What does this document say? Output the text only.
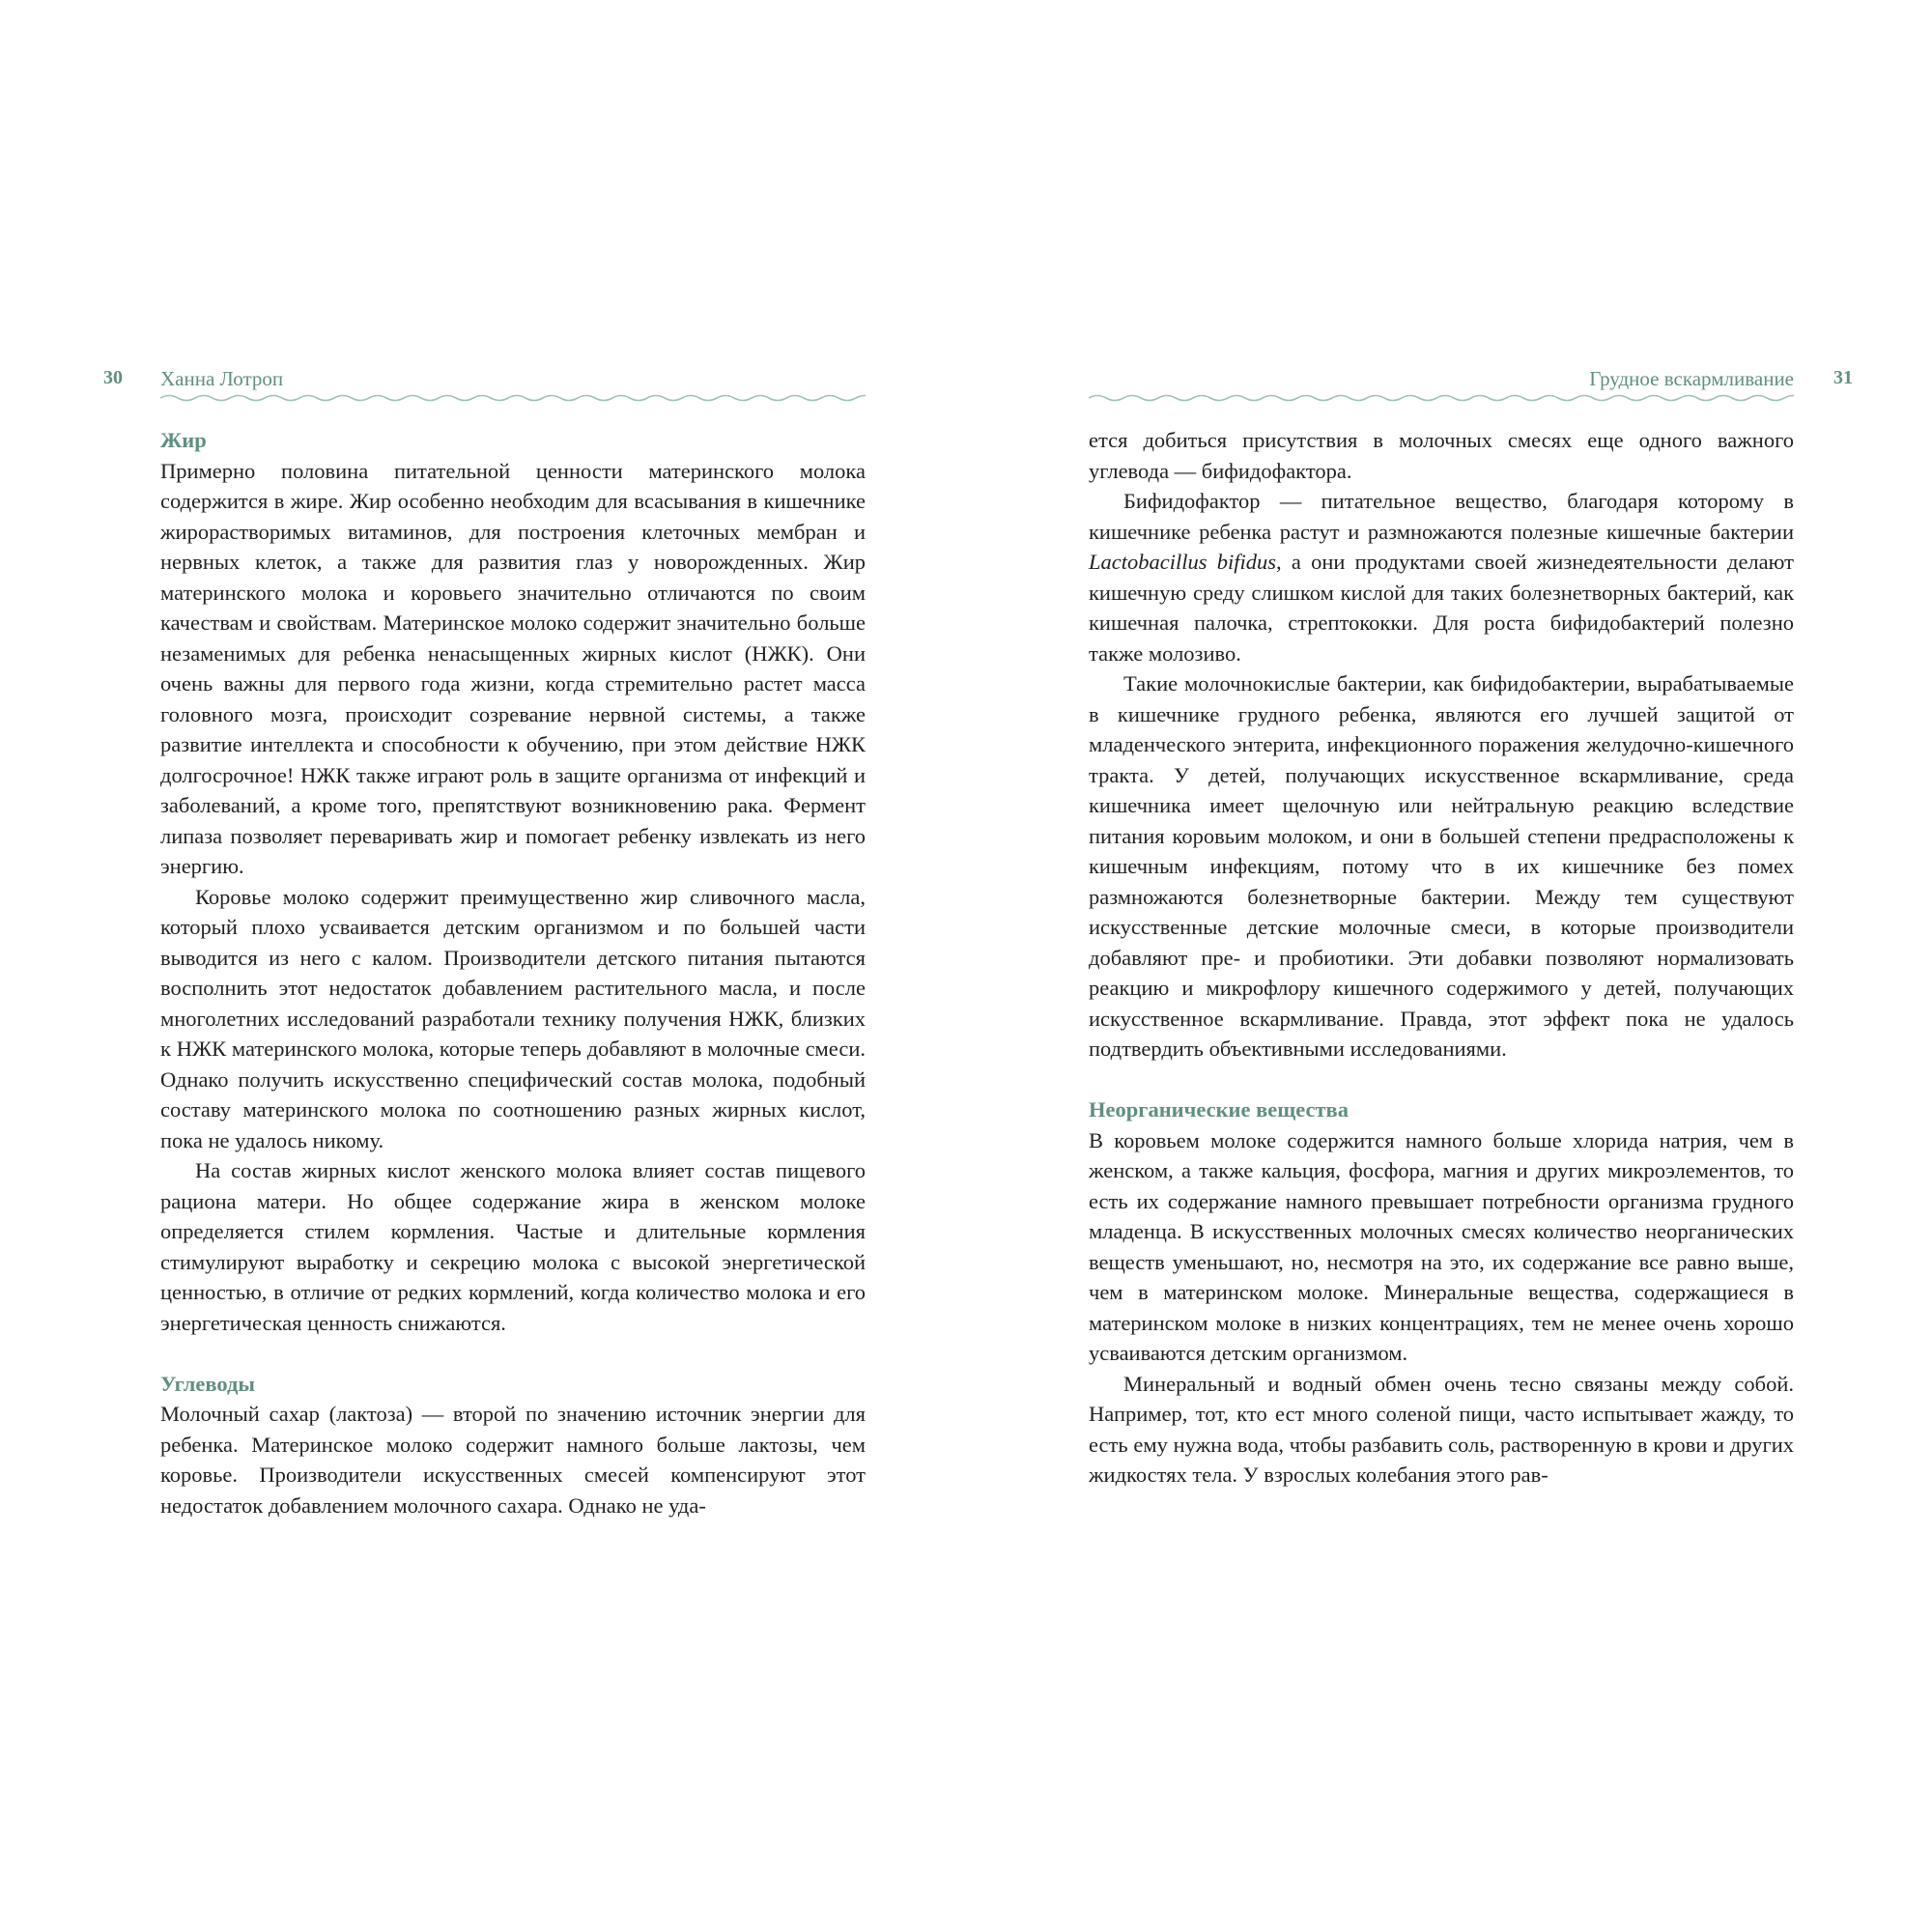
30 Ханна Лотроп
Жир

Примерно половина питательной ценности материнского молока содержится в жире. Жир особенно необходим для всасывания в кишечнике жирорастворимых витаминов, для построения клеточных мембран и нервных клеток, а также для развития глаз у новорожденных. Жир материнского молока и коровьего значительно отличаются по своим качествам и свойствам. Материнское молоко содержит значительно больше незаменимых для ребенка ненасыщенных жирных кислот (НЖК). Они очень важны для первого года жизни, когда стремительно растет масса головного мозга, происходит созревание нервной системы, а также развитие интеллекта и способности к обучению, при этом действие НЖК долгосрочное! НЖК также играют роль в защите организма от инфекций и заболеваний, а кроме того, препятствуют возникновению рака. Фермент липаза позволяет переваривать жир и помогает ребенку извлекать из него энергию.

Коровье молоко содержит преимущественно жир сливочного масла, который плохо усваивается детским организмом и по большей части выводится из него с калом. Производители детского питания пытаются восполнить этот недостаток добавлением растительного масла, и после многолетних исследований разработали технику получения НЖК, близких к НЖК материнского молока, которые теперь добавляют в молочные смеси. Однако получить искусственно специфический состав молока, подобный составу материнского молока по соотношению разных жирных кислот, пока не удалось никому.

На состав жирных кислот женского молока влияет состав пищевого рациона матери. Но общее содержание жира в женском молоке определяется стилем кормления. Частые и длительные кормления стимулируют выработку и секрецию молока с высокой энергетической ценностью, в отличие от редких кормлений, когда количество молока и его энергетическая ценность снижаются.

Углеводы

Молочный сахар (лактоза) — второй по значению источник энергии для ребенка. Материнское молоко содержит намного больше лактозы, чем коровье. Производители искусственных смесей компенсируют этот недостаток добавлением молочного сахара. Однако не уда-

Грудное вскармливание 31

ется добиться присутствия в молочных смесях еще одного важного углевода — бифидофактора.

Бифидофактор — питательное вещество, благодаря которому в кишечнике ребенка растут и размножаются полезные кишечные бактерии Lactobacillus bifidus, а они продуктами своей жизнедеятельности делают кишечную среду слишком кислой для таких болезнетворных бактерий, как кишечная палочка, стрептококки. Для роста бифидобактерий полезно также молозиво.

Такие молочнокислые бактерии, как бифидобактерии, вырабатываемые в кишечнике грудного ребенка, являются его лучшей защитой от младенческого энтерита, инфекционного поражения желудочно-кишечного тракта. У детей, получающих искусственное вскармливание, среда кишечника имеет щелочную или нейтральную реакцию вследствие питания коровьим молоком, и они в большей степени предрасположены к кишечным инфекциям, потому что в их кишечнике без помех размножаются болезнетворные бактерии. Между тем существуют искусственные детские молочные смеси, в которые производители добавляют пре- и пробиотики. Эти добавки позволяют нормализовать реакцию и микрофлору кишечного содержимого у детей, получающих искусственное вскармливание. Правда, этот эффект пока не удалось подтвердить объективными исследованиями.

Неорганические вещества

В коровьем молоке содержится намного больше хлорида натрия, чем в женском, а также кальция, фосфора, магния и других микроэлементов, то есть их содержание намного превышает потребности организма грудного младенца. В искусственных молочных смесях количество неорганических веществ уменьшают, но, несмотря на это, их содержание все равно выше, чем в материнском молоке. Минеральные вещества, содержащиеся в материнском молоке в низких концентрациях, тем не менее очень хорошо усваиваются детским организмом.

Минеральный и водный обмен очень тесно связаны между собой. Например, тот, кто ест много соленой пищи, часто испытывает жажду, то есть ему нужна вода, чтобы разбавить соль, растворенную в крови и других жидкостях тела. У взрослых колебания этого рав-
